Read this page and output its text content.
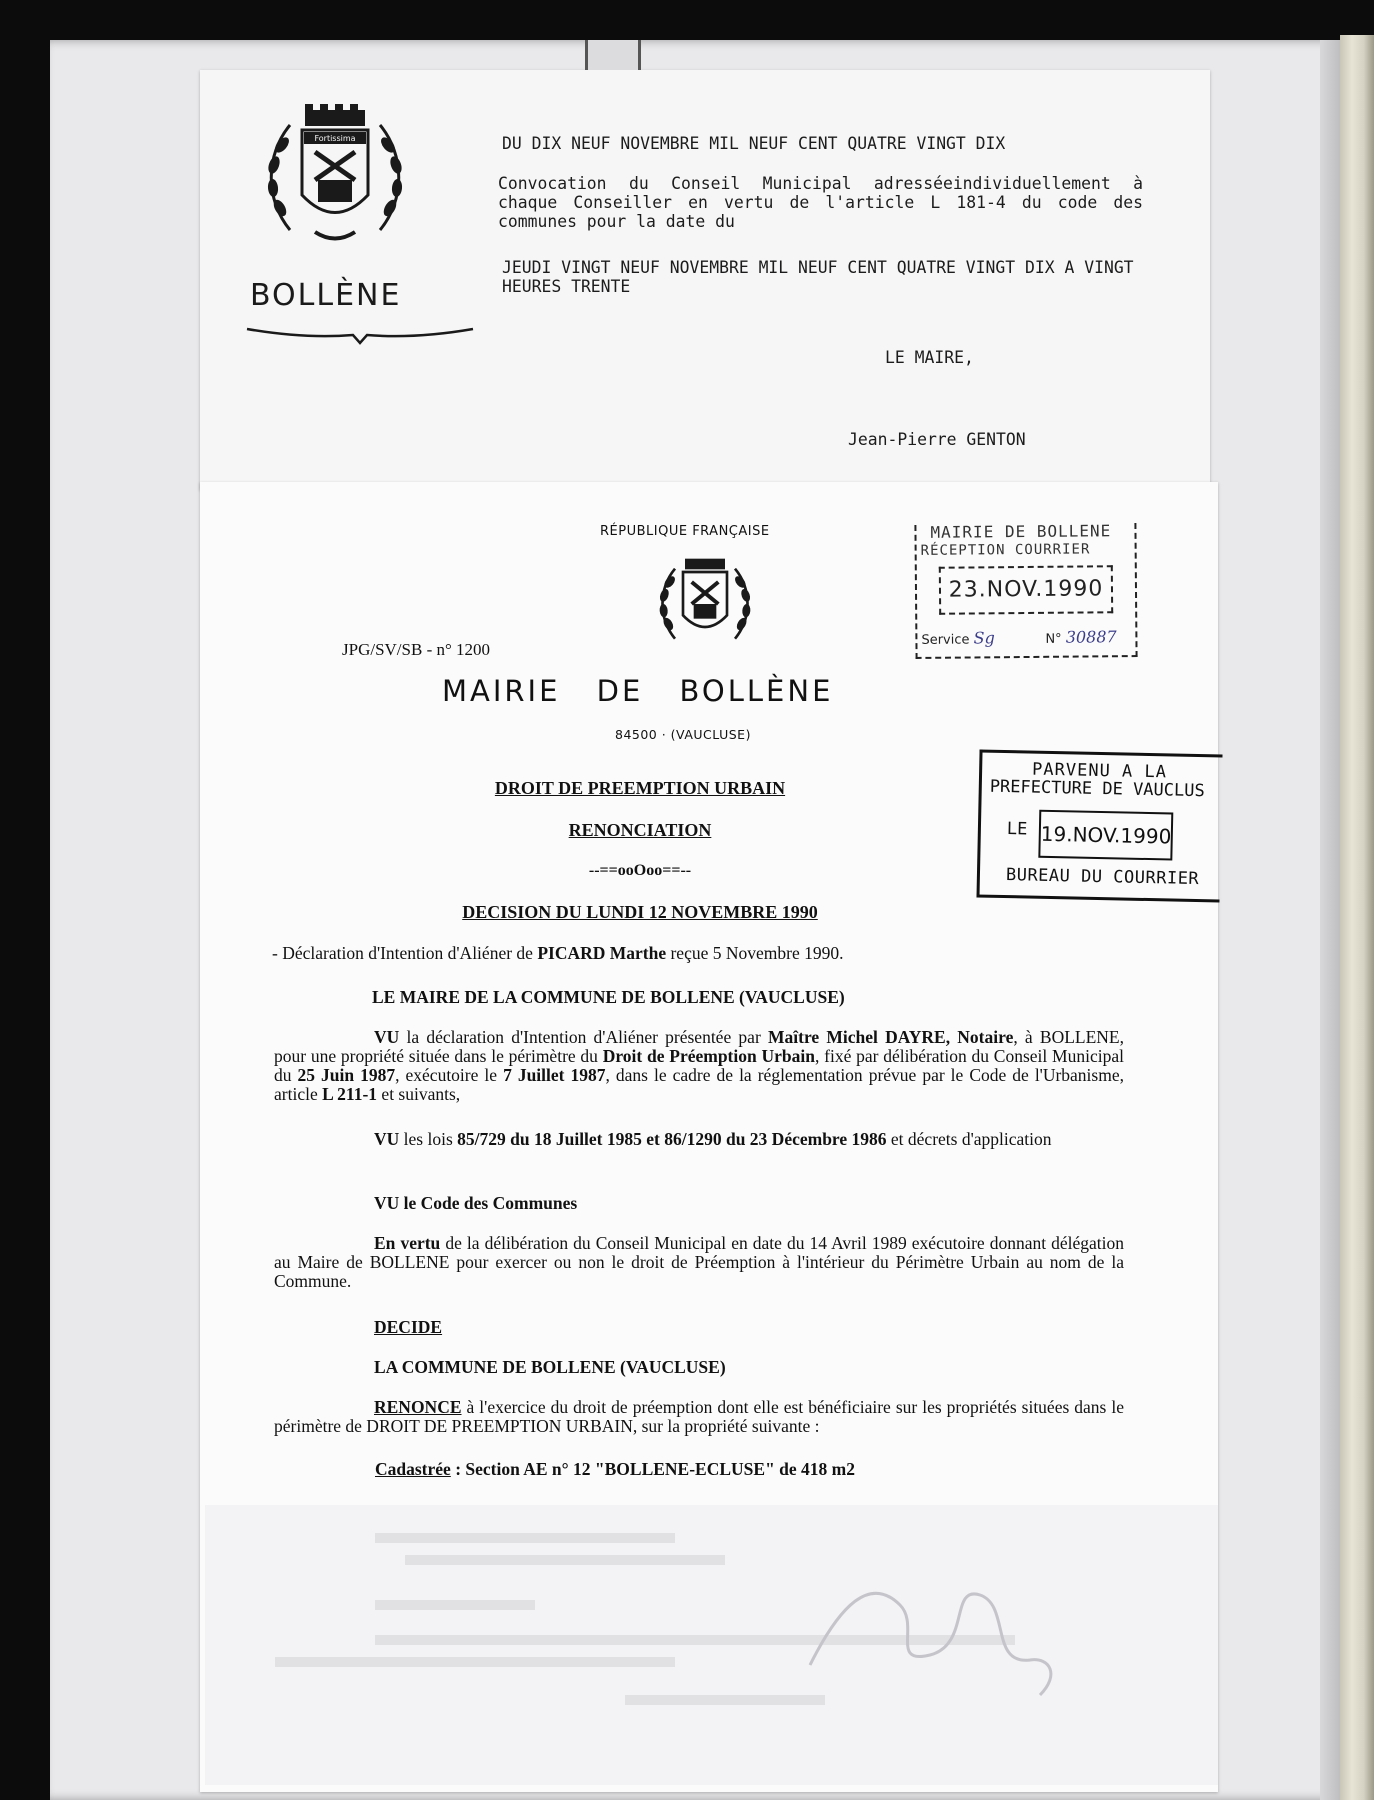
Fortissima
BOLLÈNE
DU DIX NEUF NOVEMBRE MIL NEUF CENT QUATRE VINGT DIX
Convocation du Conseil Municipal adresséeindividuellement à chaque Conseiller en vertu de l'article L 181-4 du code des communes pour la date du
JEUDI VINGT NEUF NOVEMBRE MIL NEUF CENT QUATRE VINGT DIX A VINGT HEURES TRENTE
LE MAIRE,
Jean-Pierre GENTON
RÉPUBLIQUE FRANÇAISE
JPG/SV/SB - n° 1200
MAIRIE DE BOLLÈNE
84500 · (VAUCLUSE)
DROIT DE PREEMPTION URBAIN
RENONCIATION
--==ooOoo==--
DECISION DU LUNDI 12 NOVEMBRE 1990
- Déclaration d'Intention d'Aliéner de PICARD Marthe reçue 5 Novembre 1990.
LE MAIRE DE LA COMMUNE DE BOLLENE (VAUCLUSE)
VU la déclaration d'Intention d'Aliéner présentée par Maître Michel DAYRE, Notaire, à BOLLENE, pour une propriété située dans le périmètre du Droit de Préemption Urbain, fixé par délibération du Conseil Municipal du 25 Juin 1987, exécutoire le 7 Juillet 1987, dans le cadre de la réglementation prévue par le Code de l'Urbanisme, article L 211-1 et suivants,
VU les lois 85/729 du 18 Juillet 1985 et 86/1290 du 23 Décembre 1986 et décrets d'application
VU le Code des Communes
En vertu de la délibération du Conseil Municipal en date du 14 Avril 1989 exécutoire donnant délégation au Maire de BOLLENE pour exercer ou non le droit de Préemption à l'intérieur du Périmètre Urbain au nom de la Commune.
DECIDE
LA COMMUNE DE BOLLENE (VAUCLUSE)
RENONCE à l'exercice du droit de préemption dont elle est bénéficiaire sur les propriétés situées dans le périmètre de DROIT DE PREEMPTION URBAIN, sur la propriété suivante :
Cadastrée : Section AE n° 12 "BOLLENE-ECLUSE" de 418 m2
MAIRIE DE BOLLENE
RÉCEPTION COURRIER
23.NOV.1990
Service Sg	N° 30887
PARVENU A LA
PREFECTURE DE VAUCLUS
LE 19.NOV.1990
BUREAU DU COURRIER
